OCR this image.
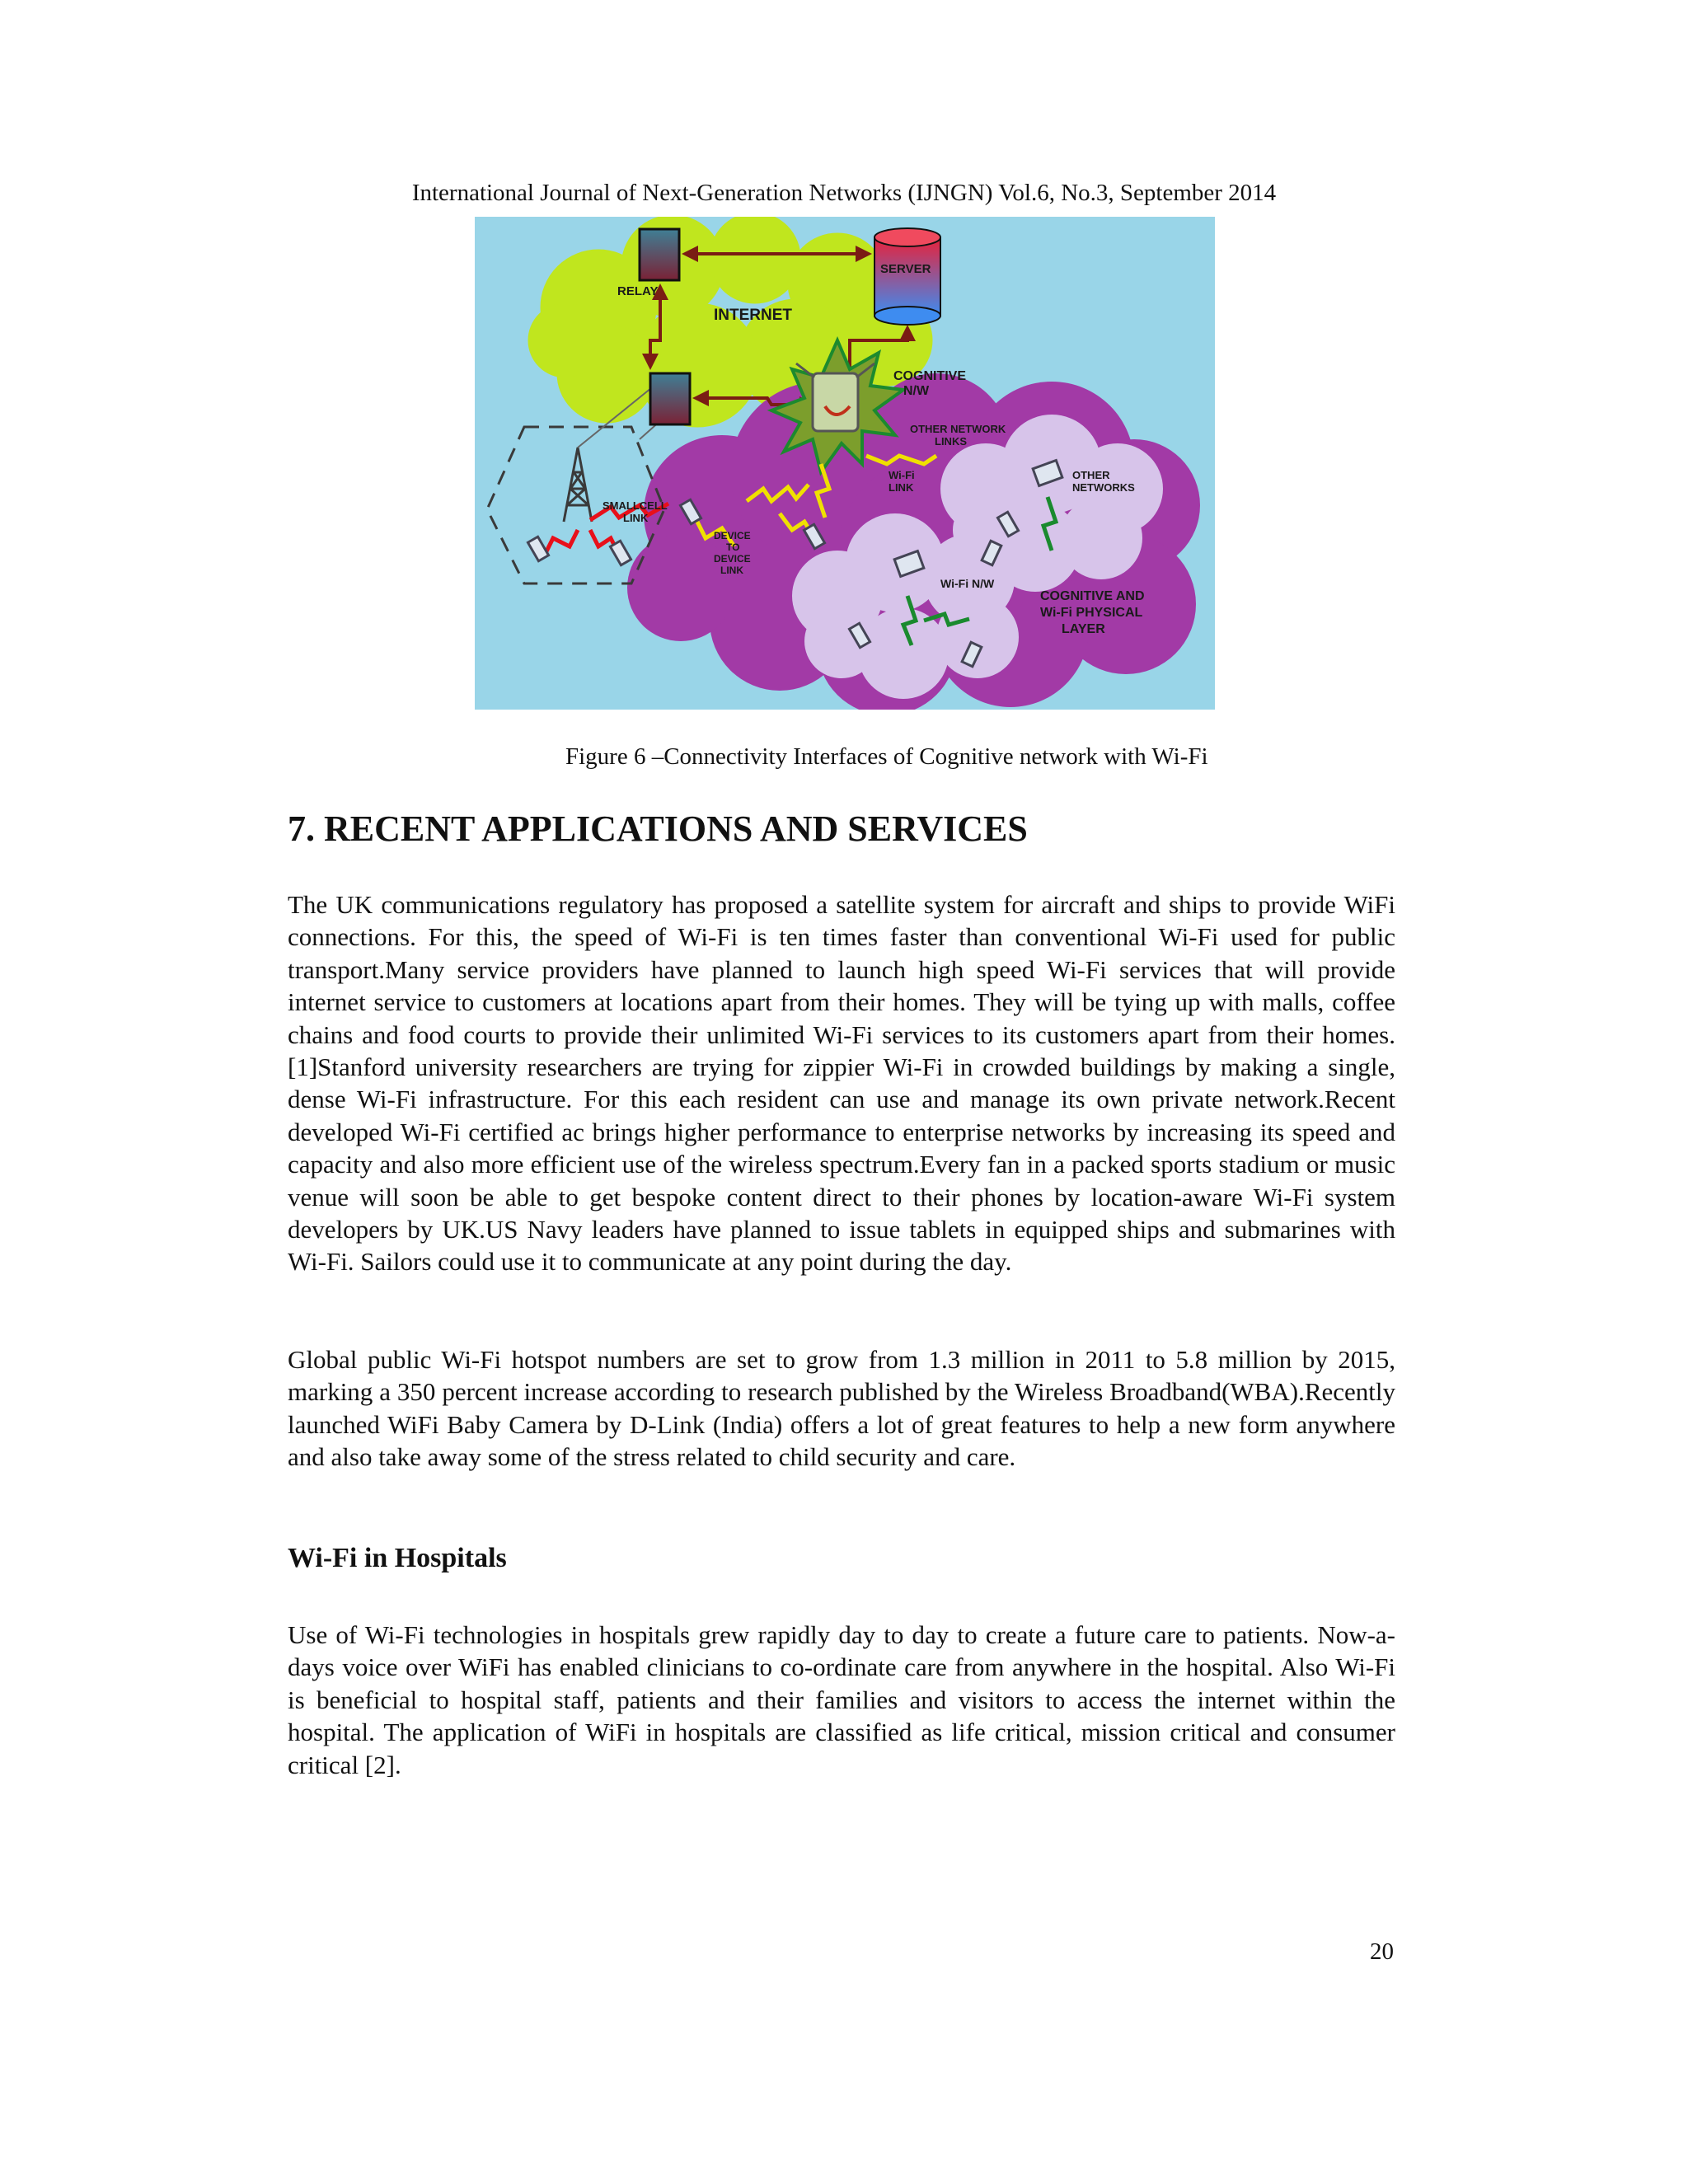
International Journal of Next-Generation Networks (IJNGN) Vol.6, No.3, September 2014
RELAY
INTERNET
SERVER
COGNITIVE
N/W
OTHER NETWORK
LINKS
Wi-Fi
LINK
OTHER
NETWORKS
SMALLCELL
LINK
DEVICE
TO
DEVICE
LINK
Wi-Fi N/W
COGNITIVE AND
Wi-Fi PHYSICAL
LAYER
Figure 6 –Connectivity Interfaces of Cognitive network with Wi-Fi
7. RECENT APPLICATIONS AND SERVICES

The UK communications regulatory has proposed a satellite system for aircraft and ships to provide WiFi connections. For this, the speed of Wi-Fi is ten times faster than conventional Wi-Fi used for public transport.Many service providers have planned to launch high speed Wi-Fi services that will provide internet service to customers at locations apart from their homes. They will be tying up with malls, coffee chains and food courts to provide their unlimited Wi-Fi services to its customers apart from their homes.[1]Stanford university researchers are trying for zippier Wi-Fi in crowded buildings by making a single, dense Wi-Fi infrastructure. For this each resident can use and manage its own private network.Recent developed Wi-Fi certified ac brings higher performance to enterprise networks by increasing its speed and capacity and also more efficient use of the wireless spectrum.Every fan in a packed sports stadium or music venue will soon be able to get bespoke content direct to their phones by location-aware Wi-Fi system developers by UK.US Navy leaders have planned to issue tablets in equipped ships and submarines with Wi-Fi. Sailors could use it to communicate at any point during the day.

Global public Wi-Fi hotspot numbers are set to grow from 1.3 million in 2011 to 5.8 million by 2015, marking a 350 percent increase according to research published by the Wireless Broadband(WBA).Recently launched WiFi Baby Camera by D-Link (India) offers a lot of great features to help a new form anywhere and also take away some of the stress related to child security and care.

Wi-Fi in Hospitals

Use of Wi-Fi technologies in hospitals grew rapidly day to day to create a future care to patients. Now-a-days voice over WiFi has enabled clinicians to co-ordinate care from anywhere in the hospital. Also Wi-Fi is beneficial to hospital staff, patients and their families and visitors to access the internet within the hospital. The application of WiFi in hospitals are classified as life critical, mission critical and consumer critical [2].

20
